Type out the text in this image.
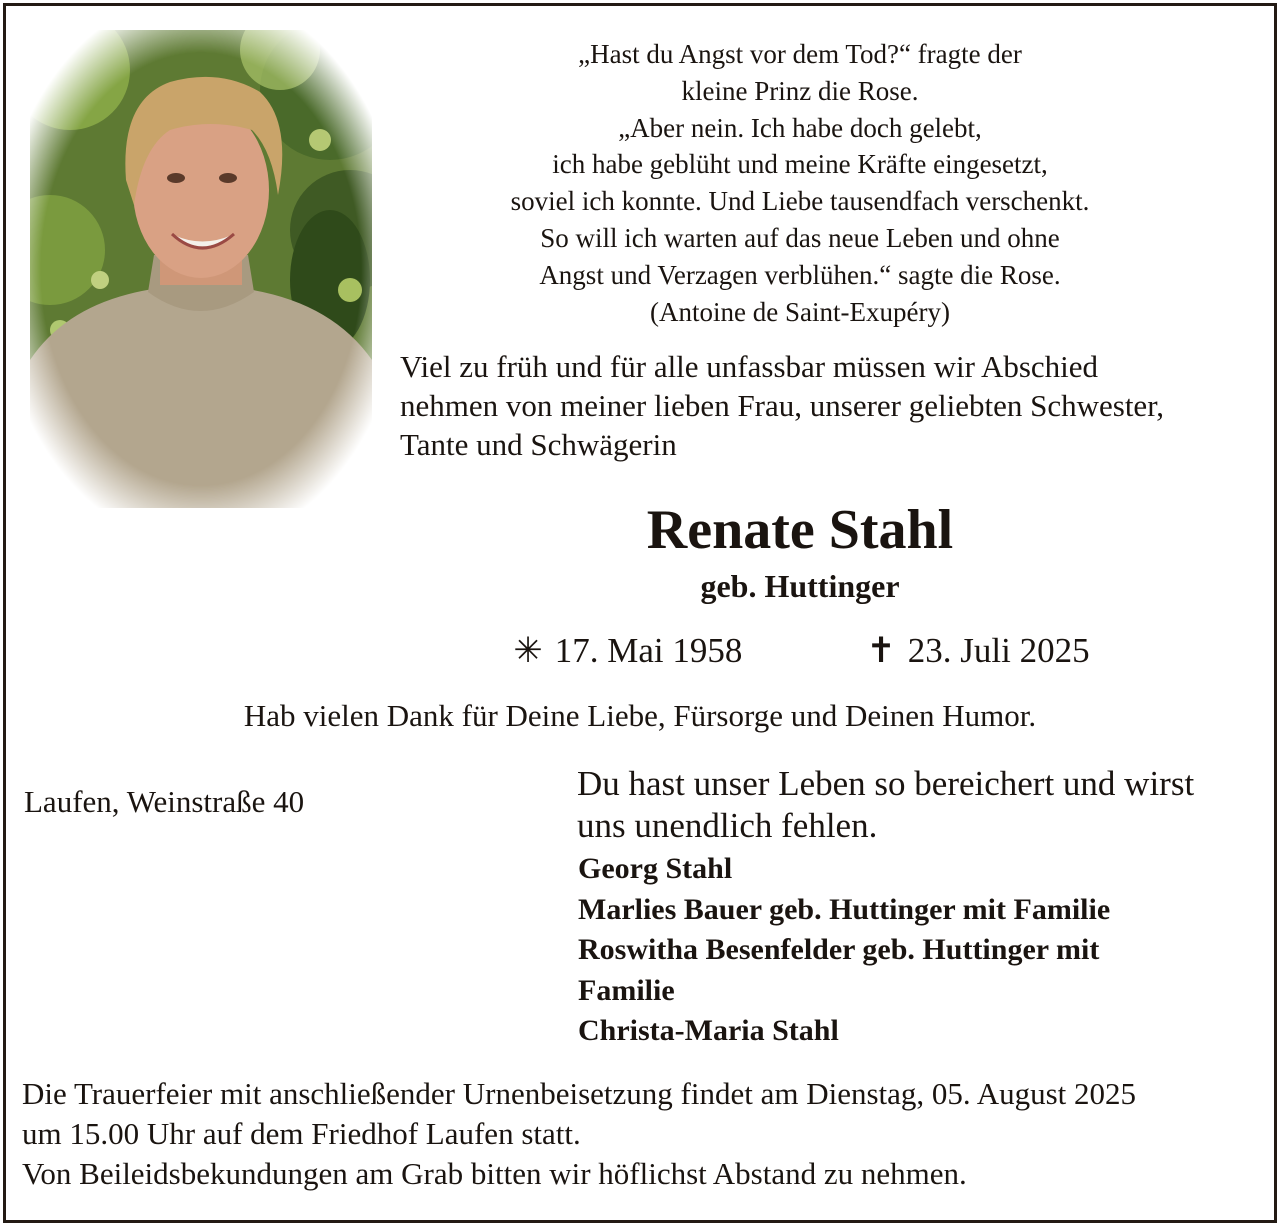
„Hast du Angst vor dem Tod?“ fragte der
kleine Prinz die Rose.
„Aber nein. Ich habe doch gelebt,
ich habe geblüht und meine Kräfte eingesetzt,
soviel ich konnte. Und Liebe tausendfach verschenkt.
So will ich warten auf das neue Leben und ohne
Angst und Verzagen verblühen.“ sagte die Rose.
(Antoine de Saint-Exupéry)
Viel zu früh und für alle unfassbar müssen wir Abschied
nehmen von meiner lieben Frau, unserer geliebten Schwester,
Tante und Schwägerin
Renate Stahl
geb. Huttinger
✳ 17. Mai 1958	✝ 23. Juli 2025
Hab vielen Dank für Deine Liebe, Fürsorge und Deinen Humor.
Laufen, Weinstraße 40	Du hast unser Leben so bereichert und wirst
uns unendlich fehlen.
Georg Stahl
Marlies Bauer geb. Huttinger mit Familie
Roswitha Besenfelder geb. Huttinger mit
Familie
Christa-Maria Stahl
Die Trauerfeier mit anschließender Urnenbeisetzung findet am Dienstag, 05. August 2025
um 15.00 Uhr auf dem Friedhof Laufen statt.
Von Beileidsbekundungen am Grab bitten wir höflichst Abstand zu nehmen.
